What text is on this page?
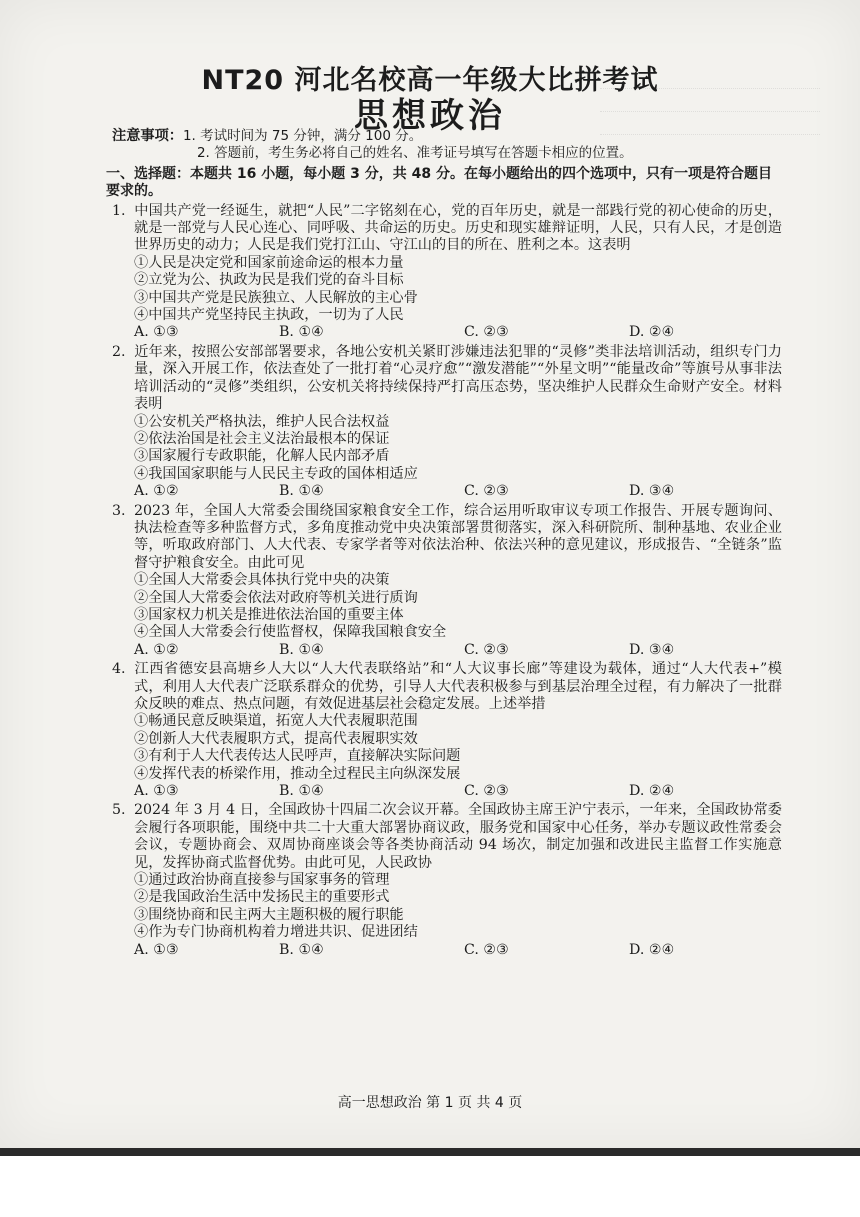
NT20 河北名校高一年级大比拼考试
思想政治
注意事项： 1. 考试时间为 75 分钟，满分 100 分。
2. 答题前，考生务必将自己的姓名、准考证号填写在答题卡相应的位置。
一、选择题：本题共 16 小题，每小题 3 分，共 48 分。在每小题给出的四个选项中，只有一项是符合题目要求的。
1. 中国共产党一经诞生，就把“人民”二字铭刻在心，党的百年历史，就是一部践行党的初心使命的历史，就是一部党与人民心连心、同呼吸、共命运的历史。历史和现实雄辩证明，人民，只有人民，才是创造世界历史的动力；人民是我们党打江山、守江山的目的所在、胜利之本。这表明
①人民是决定党和国家前途命运的根本力量
②立党为公、执政为民是我们党的奋斗目标
③中国共产党是民族独立、人民解放的主心骨
④中国共产党坚持民主执政，一切为了人民
A. ①③	B. ①④	C. ②③	D. ②④
2. 近年来，按照公安部部署要求，各地公安机关紧盯涉嫌违法犯罪的“灵修”类非法培训活动，组织专门力量，深入开展工作，依法查处了一批打着“心灵疗愈”“激发潜能”“外星文明”“能量改命”等旗号从事非法培训活动的“灵修”类组织，公安机关将持续保持严打高压态势，坚决维护人民群众生命财产安全。材料表明
①公安机关严格执法，维护人民合法权益
②依法治国是社会主义法治最根本的保证
③国家履行专政职能，化解人民内部矛盾
④我国国家职能与人民民主专政的国体相适应
A. ①②	B. ①④	C. ②③	D. ③④
3. 2023 年，全国人大常委会围绕国家粮食安全工作，综合运用听取审议专项工作报告、开展专题询问、执法检查等多种监督方式，多角度推动党中央决策部署贯彻落实，深入科研院所、制种基地、农业企业等，听取政府部门、人大代表、专家学者等对依法治种、依法兴种的意见建议，形成报告、“全链条”监督守护粮食安全。由此可见
①全国人大常委会具体执行党中央的决策
②全国人大常委会依法对政府等机关进行质询
③国家权力机关是推进依法治国的重要主体
④全国人大常委会行使监督权，保障我国粮食安全
A. ①②	B. ①④	C. ②③	D. ③④
4. 江西省德安县高塘乡人大以“人大代表联络站”和“人大议事长廊”等建设为载体，通过“人大代表+”模式，利用人大代表广泛联系群众的优势，引导人大代表积极参与到基层治理全过程，有力解决了一批群众反映的难点、热点问题，有效促进基层社会稳定发展。上述举措
①畅通民意反映渠道，拓宽人大代表履职范围
②创新人大代表履职方式，提高代表履职实效
③有利于人大代表传达人民呼声，直接解决实际问题
④发挥代表的桥梁作用，推动全过程民主向纵深发展
A. ①③	B. ①④	C. ②③	D. ②④
5. 2024 年 3 月 4 日，全国政协十四届二次会议开幕。全国政协主席王沪宁表示，一年来，全国政协常委会履行各项职能，围绕中共二十大重大部署协商议政，服务党和国家中心任务，举办专题议政性常委会会议，专题协商会、双周协商座谈会等各类协商活动 94 场次，制定加强和改进民主监督工作实施意见，发挥协商式监督优势。由此可见，人民政协
①通过政治协商直接参与国家事务的管理
②是我国政治生活中发扬民主的重要形式
③围绕协商和民主两大主题积极的履行职能
④作为专门协商机构着力增进共识、促进团结
A. ①③	B. ①④	C. ②③	D. ②④
高一思想政治 第 1 页 共 4 页
